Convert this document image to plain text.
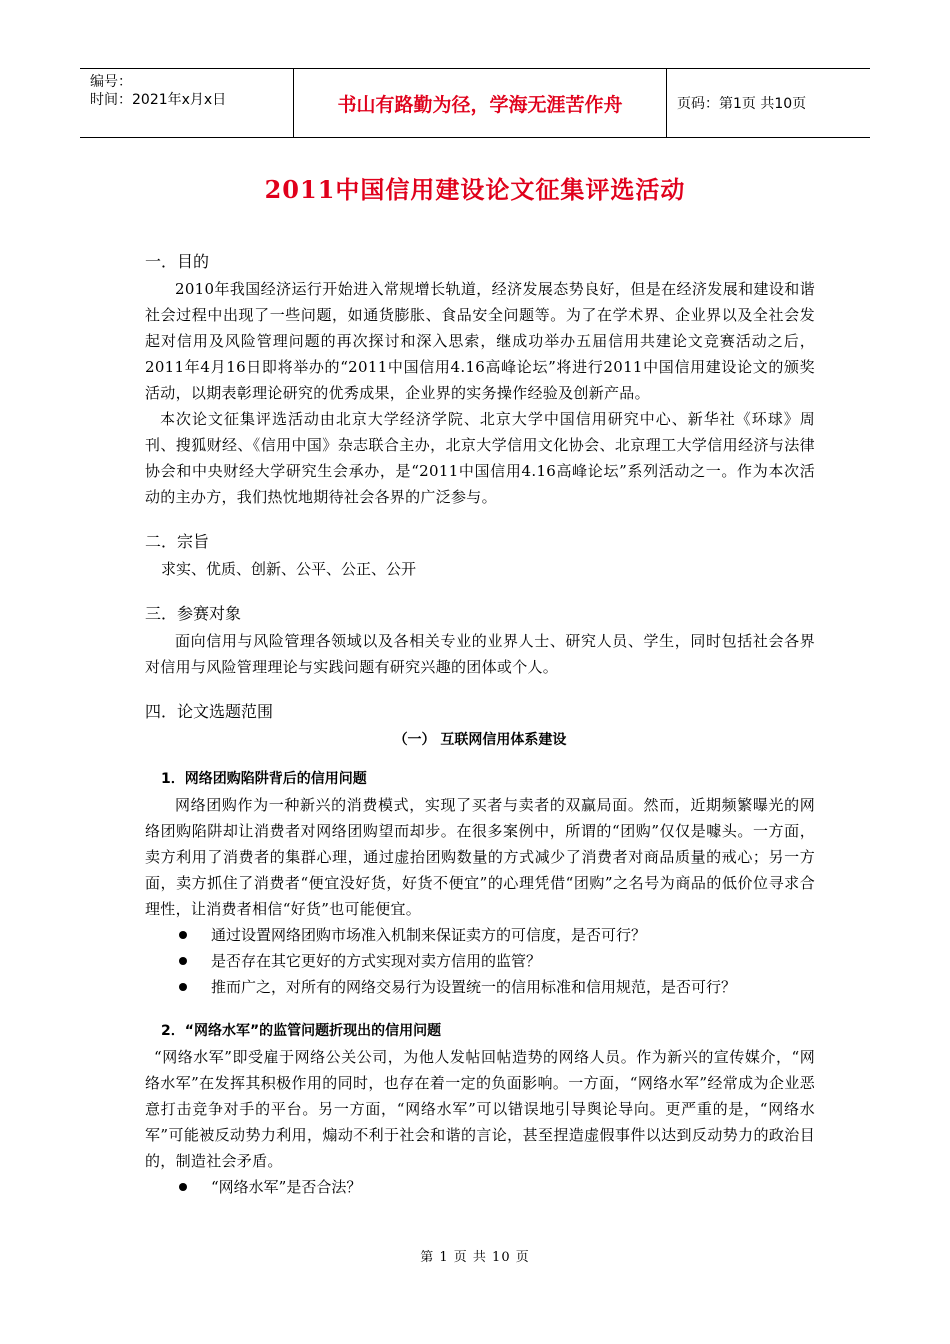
编号：
时间：2021年x月x日	书山有路勤为径，学海无涯苦作舟	页码：第1页 共10页
2011中国信用建设论文征集评选活动

一．目的

2010年我国经济运行开始进入常规增长轨道，经济发展态势良好，但是在经济发展和建设和谐社会过程中出现了一些问题，如通货膨胀、食品安全问题等。为了在学术界、企业界以及全社会发起对信用及风险管理问题的再次探讨和深入思索，继成功举办五届信用共建论文竞赛活动之后，2011年4月16日即将举办的“2011中国信用4.16高峰论坛”将进行2011中国信用建设论文的颁奖活动，以期表彰理论研究的优秀成果，企业界的实务操作经验及创新产品。

本次论文征集评选活动由北京大学经济学院、北京大学中国信用研究中心、新华社《环球》周刊、搜狐财经、《信用中国》杂志联合主办，北京大学信用文化协会、北京理工大学信用经济与法律协会和中央财经大学研究生会承办，是“2011中国信用4.16高峰论坛”系列活动之一。作为本次活动的主办方，我们热忱地期待社会各界的广泛参与。

二．宗旨

求实、优质、创新、公平、公正、公开

三．参赛对象

面向信用与风险管理各领域以及各相关专业的业界人士、研究人员、学生，同时包括社会各界对信用与风险管理理论与实践问题有研究兴趣的团体或个人。

四．论文选题范围

（一） 互联网信用体系建设

1．网络团购陷阱背后的信用问题

网络团购作为一种新兴的消费模式，实现了买者与卖者的双赢局面。然而，近期频繁曝光的网络团购陷阱却让消费者对网络团购望而却步。在很多案例中，所谓的“团购”仅仅是噱头。一方面，卖方利用了消费者的集群心理，通过虚抬团购数量的方式减少了消费者对商品质量的戒心；另一方面，卖方抓住了消费者“便宜没好货，好货不便宜”的心理凭借“团购”之名号为商品的低价位寻求合理性，让消费者相信“好货”也可能便宜。

通过设置网络团购市场准入机制来保证卖方的可信度，是否可行？
是否存在其它更好的方式实现对卖方信用的监管？
推而广之，对所有的网络交易行为设置统一的信用标准和信用规范，是否可行？

2．“网络水军”的监管问题折现出的信用问题

“网络水军”即受雇于网络公关公司，为他人发帖回帖造势的网络人员。作为新兴的宣传媒介，“网络水军”在发挥其积极作用的同时，也存在着一定的负面影响。一方面，“网络水军”经常成为企业恶意打击竞争对手的平台。另一方面，“网络水军”可以错误地引导舆论导向。更严重的是，“网络水军”可能被反动势力利用，煽动不利于社会和谐的言论，甚至捏造虚假事件以达到反动势力的政治目的，制造社会矛盾。

“网络水军”是否合法？
第 1 页 共 10 页
